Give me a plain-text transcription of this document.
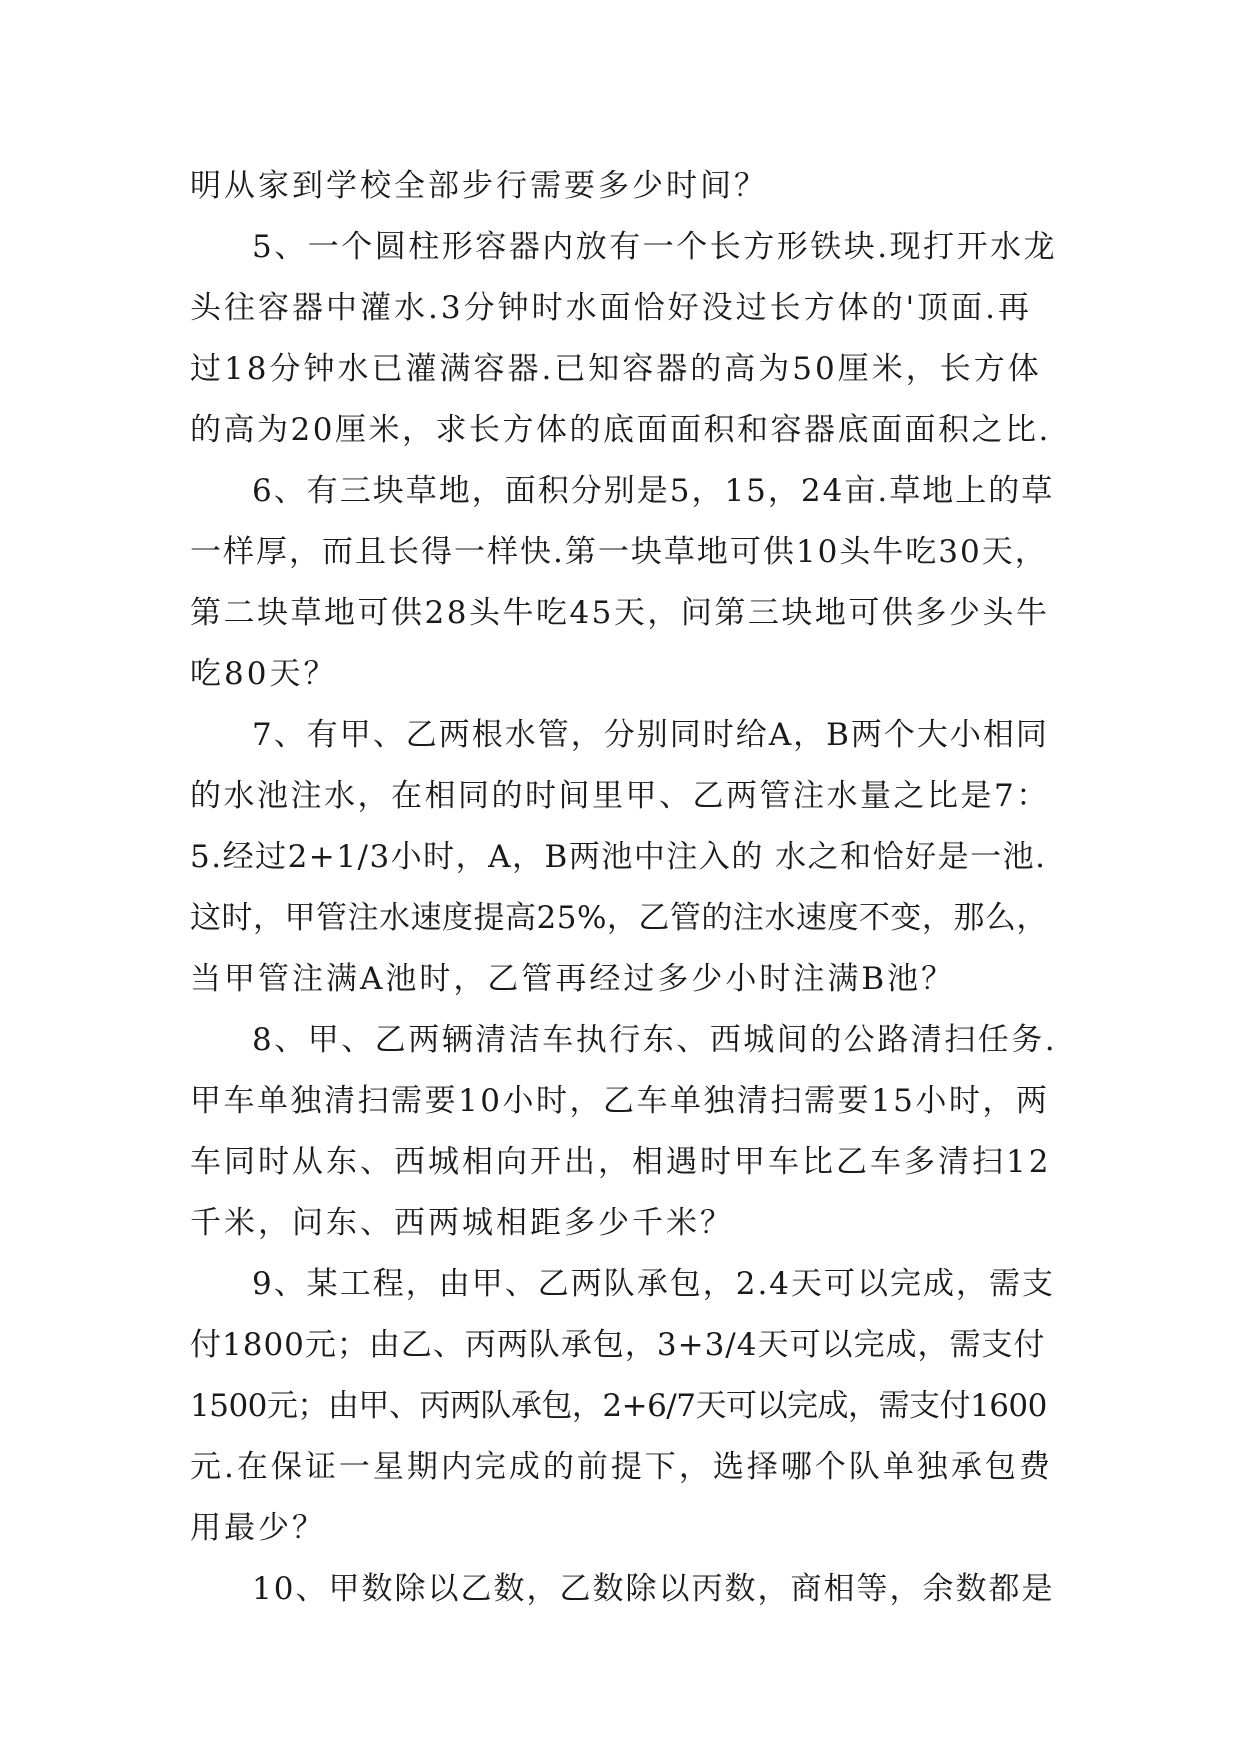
明从家到学校全部步行需要多少时间？
5、一个圆柱形容器内放有一个长方形铁块.现打开水龙
头往容器中灌水.3分钟时水面恰好没过长方体的'顶面.再
过18分钟水已灌满容器.已知容器的高为50厘米，长方体
的高为20厘米，求长方体的底面面积和容器底面面积之比.
6、有三块草地，面积分别是5，15，24亩.草地上的草
一样厚，而且长得一样快.第一块草地可供10头牛吃30天，
第二块草地可供28头牛吃45天，问第三块地可供多少头牛
吃80天？
7、有甲、乙两根水管，分别同时给A，B两个大小相同
的水池注水，在相同的时间里甲、乙两管注水量之比是7：
5.经过2+1/3小时，A，B两池中注入的 水之和恰好是一池.
这时，甲管注水速度提高25%，乙管的注水速度不变，那么，
当甲管注满A池时，乙管再经过多少小时注满B池？
8、甲、乙两辆清洁车执行东、西城间的公路清扫任务.
甲车单独清扫需要10小时，乙车单独清扫需要15小时，两
车同时从东、西城相向开出，相遇时甲车比乙车多清扫12
千米，问东、西两城相距多少千米？
9、某工程，由甲、乙两队承包，2.4天可以完成，需支
付1800元；由乙、丙两队承包，3+3/4天可以完成，需支付
1500元；由甲、丙两队承包，2+6/7天可以完成，需支付1600
元.在保证一星期内完成的前提下，选择哪个队单独承包费
用最少？
10、甲数除以乙数，乙数除以丙数，商相等，余数都是
